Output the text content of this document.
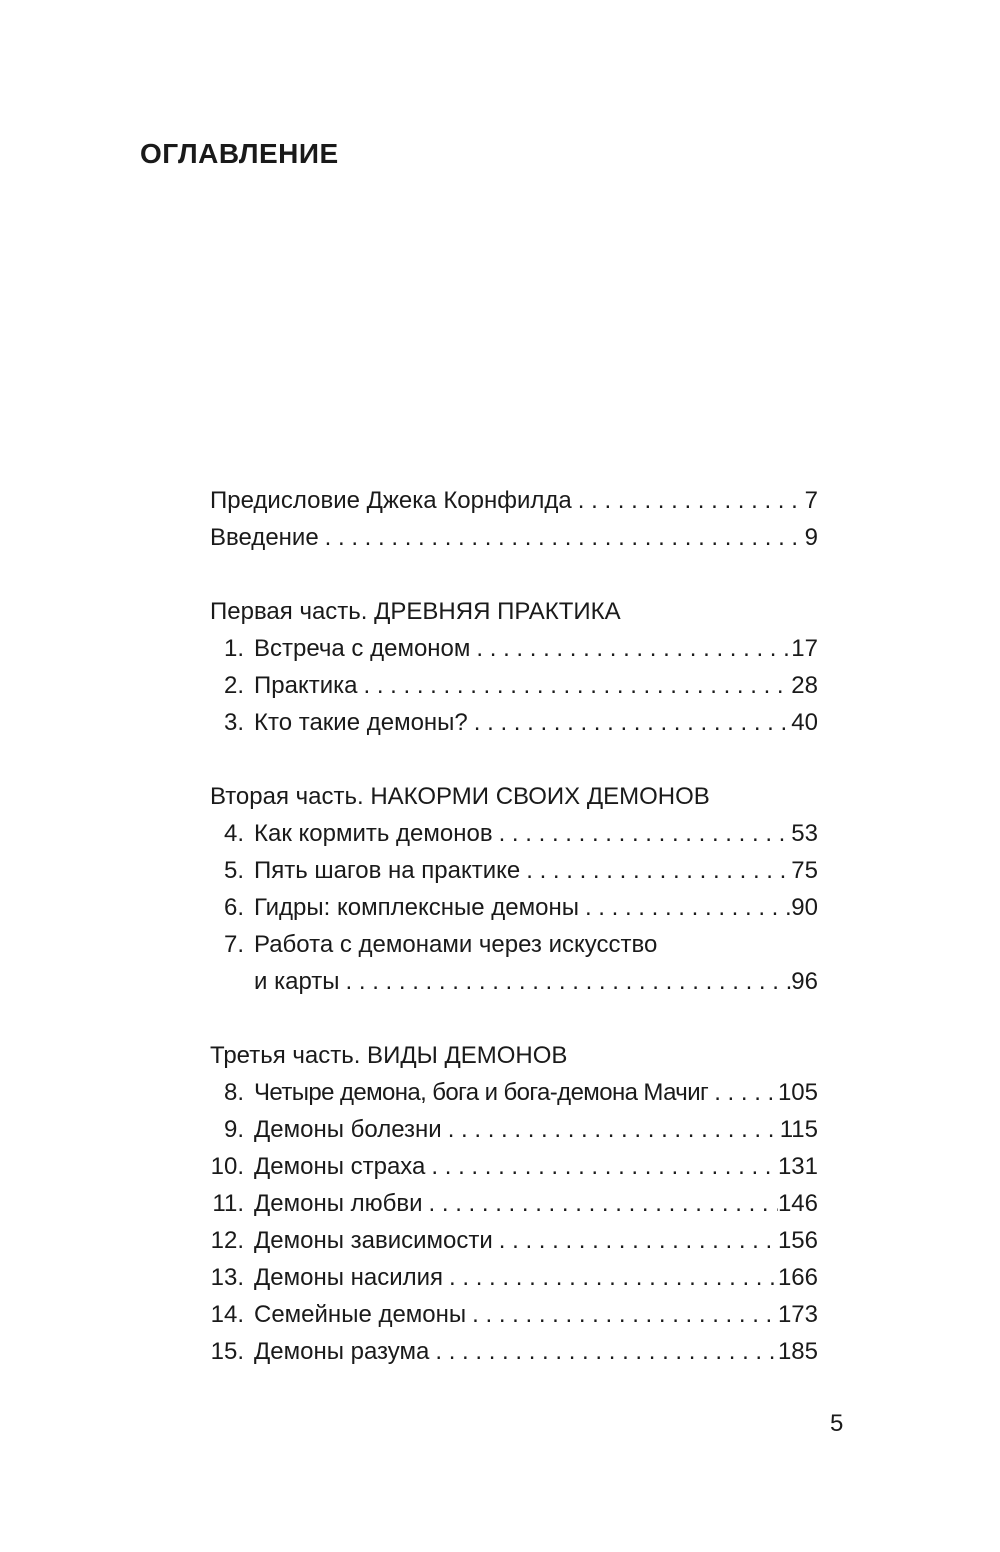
ОГЛАВЛЕНИЕ
Предисловие Джека Корнфилда . . .	7
Введение . . .	9
Первая часть. ДРЕВНЯЯ ПРАКТИКА
1. Встреча с демоном . . .	17
2. Практика . . .	28
3. Кто такие демоны? . . .	40
Вторая часть. НАКОРМИ СВОИХ ДЕМОНОВ
4. Как кормить демонов . . .	53
5. Пять шагов на практике . . .	75
6. Гидры: комплексные демоны . . .	90
7. Работа с демонами через искусство
и карты . . .	96
Третья часть. ВИДЫ ДЕМОНОВ
8. Четыре демона, бога и бога-демона Мачиг . . .	105
9. Демоны болезни . . .	115
10. Демоны страха . . .	131
11. Демоны любви . . .	146
12. Демоны зависимости . . .	156
13. Демоны насилия . . .	166
14. Семейные демоны . . .	173
15. Демоны разума . . .	185
5
